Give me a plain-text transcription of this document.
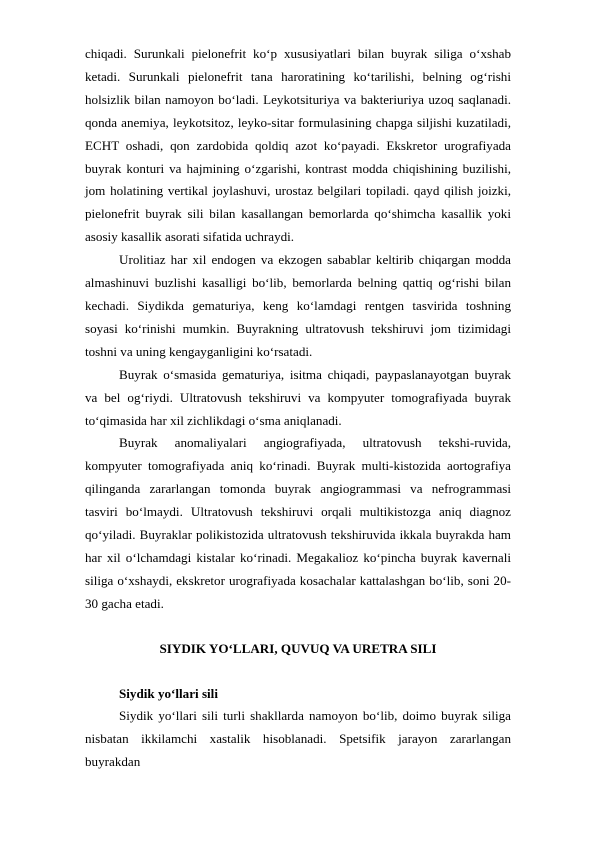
chiqadi. Surunkali pielonefrit ko‘p xususiyatlari bilan buyrak siliga o‘xshab ketadi. Surunkali pielonefrit tana haroratining ko‘tarilishi, belning og‘rishi holsizlik bilan namoyon bo‘ladi. Leykotsituriya va bakteriuriya uzoq saqlanadi. qonda anemiya, leykotsitoz, leyko-sitar formulasining chapga siljishi kuzatiladi, ECHT oshadi, qon zardobida qoldiq azot ko‘payadi. Ekskretor urografiyada buyrak konturi va hajmining o‘zgarishi, kontrast modda chiqishining buzilishi, jom holatining vertikal joylashuvi, urostaz belgilari topiladi. qayd qilish joizki, pielonefrit buyrak sili bilan kasallangan bemorlarda qo‘shimcha kasallik yoki asosiy kasallik asorati sifatida uchraydi.

Urolitiaz har xil endogen va ekzogen sabablar keltirib chiqargan modda almashinuvi buzlishi kasalligi bo‘lib, bemorlarda belning qattiq og‘rishi bilan kechadi. Siydikda gematuriya, keng ko‘lamdagi rentgen tasvirida toshning soyasi ko‘rinishi mumkin. Buyrakning ultratovush tekshiruvi jom tizimidagi toshni va uning kengayganligini ko‘rsatadi.

Buyrak o‘smasida gematuriya, isitma chiqadi, paypaslanayotgan buyrak va bel og‘riydi. Ultratovush tekshiruvi va kompyuter tomografiyada buyrak to‘qimasida har xil zichlikdagi o‘sma aniqlanadi.

Buyrak anomaliyalari angiografiyada, ultratovush tekshi-ruvida, kompyuter tomografiyada aniq ko‘rinadi. Buyrak multi-kistozida aortografiya qilinganda zararlangan tomonda buyrak angiogrammasi va nefrogrammasi tasviri bo‘lmaydi. Ultratovush tekshiruvi orqali multikistozga aniq diagnoz qo‘yiladi. Buyraklar polikistozida ultratovush tekshiruvida ikkala buyrakda ham har xil o‘lchamdagi kistalar ko‘rinadi. Megakalioz ko‘pincha buyrak kavernali siliga o‘xshaydi, ekskretor urografiyada kosachalar kattalashgan bo‘lib, soni 20-30 gacha etadi.

SIYDIK YO‘LLARI, QUVUQ VA URETRA SILI
Siydik yo‘llari sili

Siydik yo‘llari sili turli shakllarda namoyon bo‘lib, doimo buyrak siliga nisbatan ikkilamchi xastalik hisoblanadi. Spetsifik jarayon zararlangan buyrakdan
